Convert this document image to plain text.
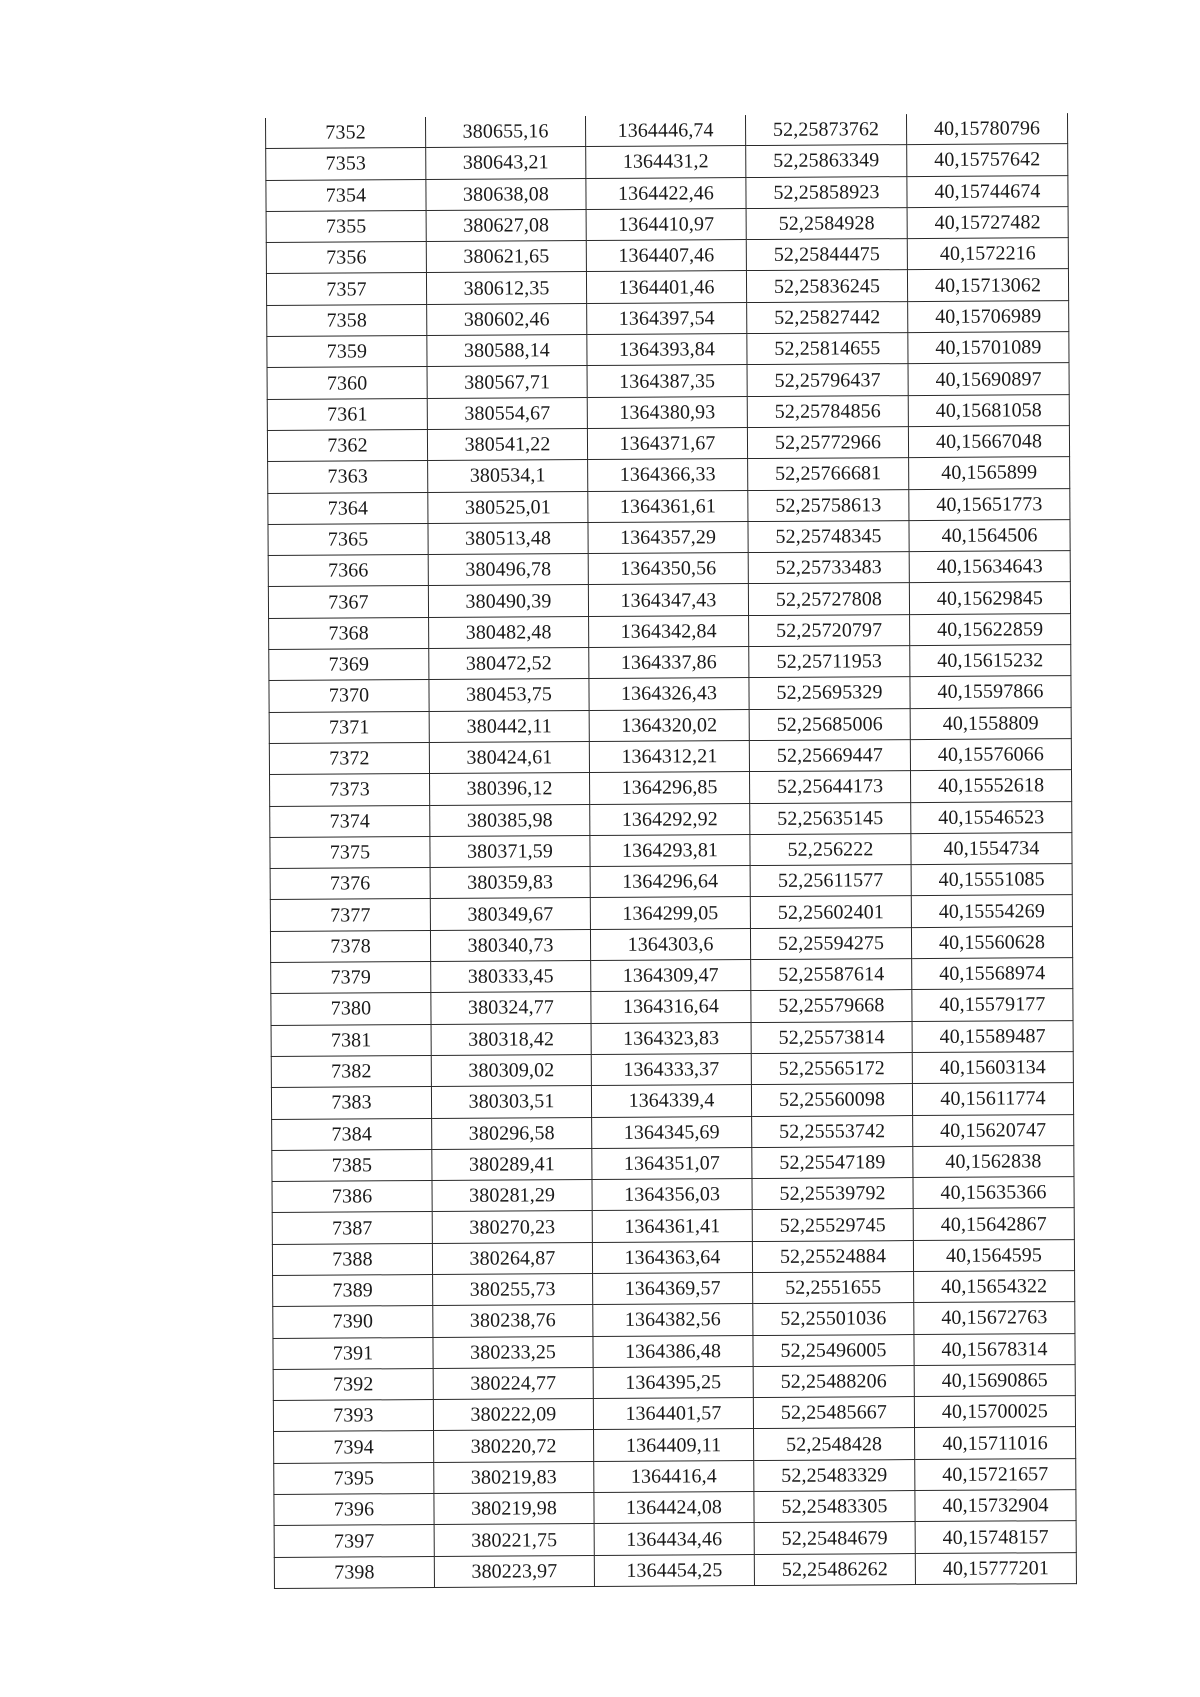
7352	380655,16	1364446,74	52,25873762	40,15780796
7353	380643,21	1364431,2	52,25863349	40,15757642
7354	380638,08	1364422,46	52,25858923	40,15744674
7355	380627,08	1364410,97	52,2584928	40,15727482
7356	380621,65	1364407,46	52,25844475	40,1572216
7357	380612,35	1364401,46	52,25836245	40,15713062
7358	380602,46	1364397,54	52,25827442	40,15706989
7359	380588,14	1364393,84	52,25814655	40,15701089
7360	380567,71	1364387,35	52,25796437	40,15690897
7361	380554,67	1364380,93	52,25784856	40,15681058
7362	380541,22	1364371,67	52,25772966	40,15667048
7363	380534,1	1364366,33	52,25766681	40,1565899
7364	380525,01	1364361,61	52,25758613	40,15651773
7365	380513,48	1364357,29	52,25748345	40,1564506
7366	380496,78	1364350,56	52,25733483	40,15634643
7367	380490,39	1364347,43	52,25727808	40,15629845
7368	380482,48	1364342,84	52,25720797	40,15622859
7369	380472,52	1364337,86	52,25711953	40,15615232
7370	380453,75	1364326,43	52,25695329	40,15597866
7371	380442,11	1364320,02	52,25685006	40,1558809
7372	380424,61	1364312,21	52,25669447	40,15576066
7373	380396,12	1364296,85	52,25644173	40,15552618
7374	380385,98	1364292,92	52,25635145	40,15546523
7375	380371,59	1364293,81	52,256222	40,1554734
7376	380359,83	1364296,64	52,25611577	40,15551085
7377	380349,67	1364299,05	52,25602401	40,15554269
7378	380340,73	1364303,6	52,25594275	40,15560628
7379	380333,45	1364309,47	52,25587614	40,15568974
7380	380324,77	1364316,64	52,25579668	40,15579177
7381	380318,42	1364323,83	52,25573814	40,15589487
7382	380309,02	1364333,37	52,25565172	40,15603134
7383	380303,51	1364339,4	52,25560098	40,15611774
7384	380296,58	1364345,69	52,25553742	40,15620747
7385	380289,41	1364351,07	52,25547189	40,1562838
7386	380281,29	1364356,03	52,25539792	40,15635366
7387	380270,23	1364361,41	52,25529745	40,15642867
7388	380264,87	1364363,64	52,25524884	40,1564595
7389	380255,73	1364369,57	52,2551655	40,15654322
7390	380238,76	1364382,56	52,25501036	40,15672763
7391	380233,25	1364386,48	52,25496005	40,15678314
7392	380224,77	1364395,25	52,25488206	40,15690865
7393	380222,09	1364401,57	52,25485667	40,15700025
7394	380220,72	1364409,11	52,2548428	40,15711016
7395	380219,83	1364416,4	52,25483329	40,15721657
7396	380219,98	1364424,08	52,25483305	40,15732904
7397	380221,75	1364434,46	52,25484679	40,15748157
7398	380223,97	1364454,25	52,25486262	40,15777201
